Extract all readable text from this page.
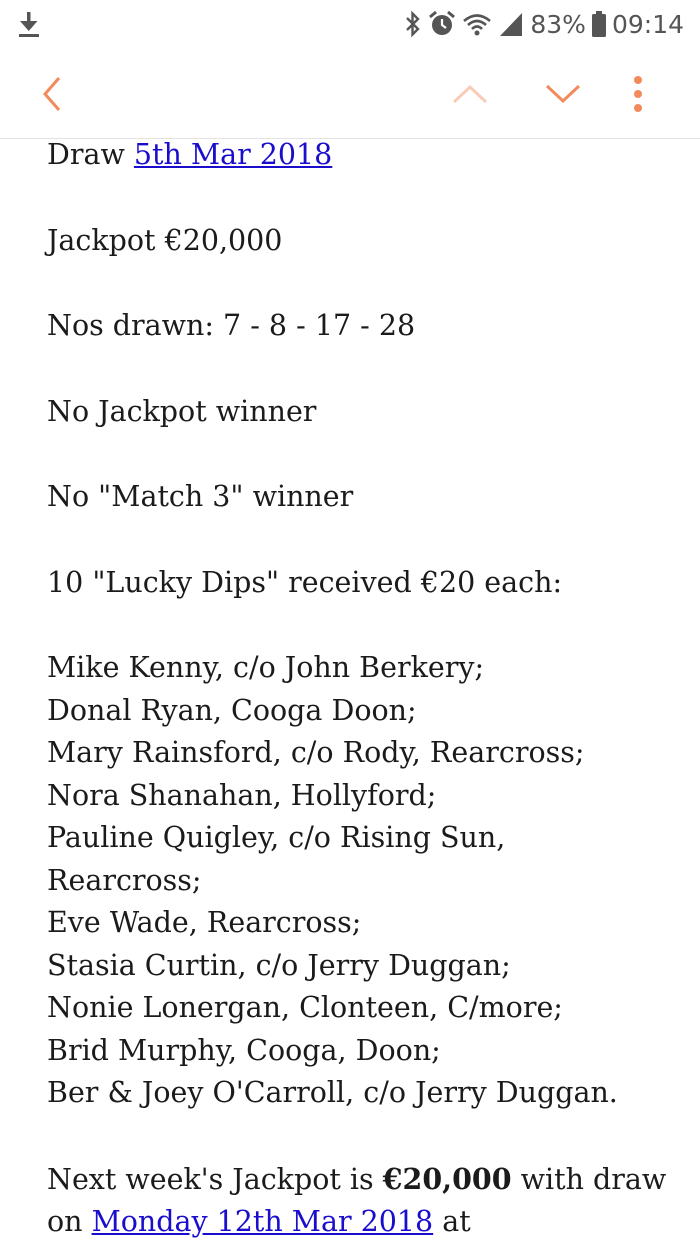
83% 09:14

Draw 5th Mar 2018

Jackpot €20,000

Nos drawn: 7 - 8 - 17 - 28

No Jackpot winner

No "Match 3" winner

10 "Lucky Dips" received €20 each:

Mike Kenny, c/o John Berkery;
Donal Ryan, Cooga Doon;
Mary Rainsford, c/o Rody, Rearcross;
Nora Shanahan, Hollyford;
Pauline Quigley, c/o Rising Sun,
Rearcross;
Eve Wade, Rearcross;
Stasia Curtin, c/o Jerry Duggan;
Nonie Lonergan, Clonteen, C/more;
Brid Murphy, Cooga, Doon;
Ber & Joey O'Carroll, c/o Jerry Duggan.

Next week's Jackpot is €20,000 with draw on Monday 12th Mar 2018 at
